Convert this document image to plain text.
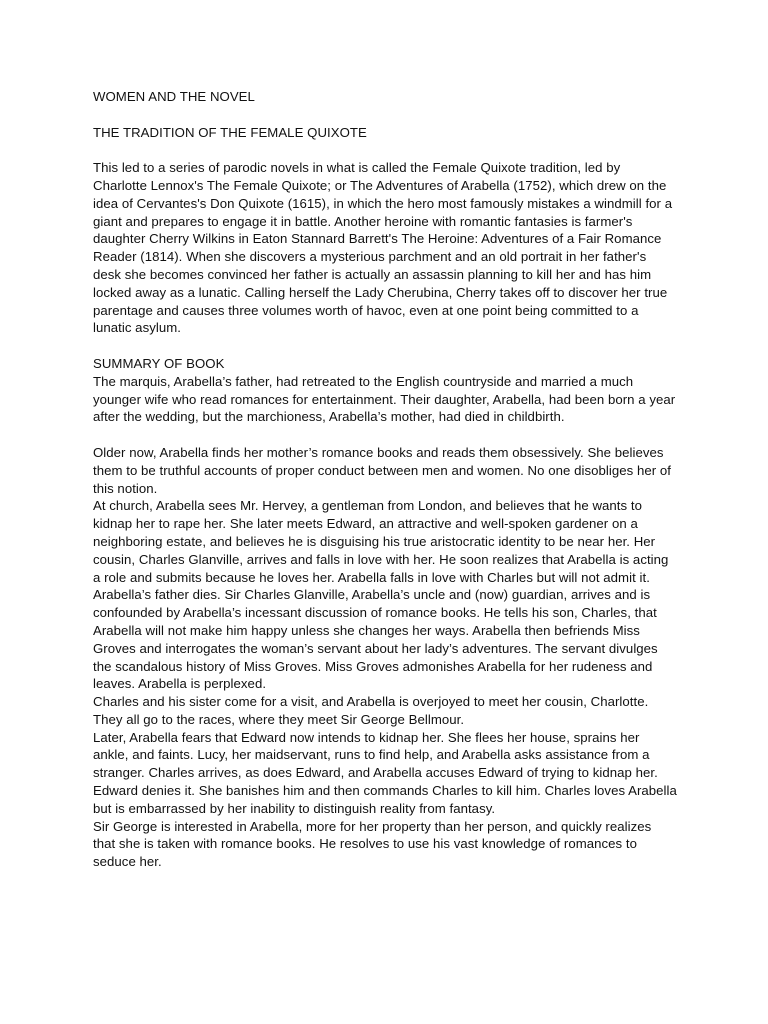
WOMEN AND THE NOVEL

THE TRADITION OF THE FEMALE QUIXOTE

This led to a series of parodic novels in what is called the Female Quixote tradition, led by Charlotte Lennox's The Female Quixote; or The Adventures of Arabella (1752), which drew on the idea of Cervantes's Don Quixote (1615), in which the hero most famously mistakes a windmill for a giant and prepares to engage it in battle. Another heroine with romantic fantasies is farmer's daughter Cherry Wilkins in Eaton Stannard Barrett's The Heroine: Adventures of a Fair Romance Reader (1814). When she discovers a mysterious parchment and an old portrait in her father's desk she becomes convinced her father is actually an assassin planning to kill her and has him locked away as a lunatic. Calling herself the Lady Cherubina, Cherry takes off to discover her true parentage and causes three volumes worth of havoc, even at one point being committed to a lunatic asylum.

SUMMARY OF BOOK

The marquis, Arabella’s father, had retreated to the English countryside and married a much younger wife who read romances for entertainment. Their daughter, Arabella, had been born a year after the wedding, but the marchioness, Arabella’s mother, had died in childbirth.

Older now, Arabella finds her mother’s romance books and reads them obsessively. She believes them to be truthful accounts of proper conduct between men and women. No one disobliges her of this notion.

At church, Arabella sees Mr. Hervey, a gentleman from London, and believes that he wants to kidnap her to rape her. She later meets Edward, an attractive and well-spoken gardener on a neighboring estate, and believes he is disguising his true aristocratic identity to be near her. Her cousin, Charles Glanville, arrives and falls in love with her. He soon realizes that Arabella is acting a role and submits because he loves her. Arabella falls in love with Charles but will not admit it.

Arabella’s father dies. Sir Charles Glanville, Arabella’s uncle and (now) guardian, arrives and is confounded by Arabella’s incessant discussion of romance books. He tells his son, Charles, that Arabella will not make him happy unless she changes her ways. Arabella then befriends Miss Groves and interrogates the woman’s servant about her lady’s adventures. The servant divulges the scandalous history of Miss Groves. Miss Groves admonishes Arabella for her rudeness and leaves. Arabella is perplexed.

Charles and his sister come for a visit, and Arabella is overjoyed to meet her cousin, Charlotte. They all go to the races, where they meet Sir George Bellmour.

Later, Arabella fears that Edward now intends to kidnap her. She flees her house, sprains her ankle, and faints. Lucy, her maidservant, runs to find help, and Arabella asks assistance from a stranger. Charles arrives, as does Edward, and Arabella accuses Edward of trying to kidnap her. Edward denies it. She banishes him and then commands Charles to kill him. Charles loves Arabella but is embarrassed by her inability to distinguish reality from fantasy.

Sir George is interested in Arabella, more for her property than her person, and quickly realizes that she is taken with romance books. He resolves to use his vast knowledge of romances to seduce her.
